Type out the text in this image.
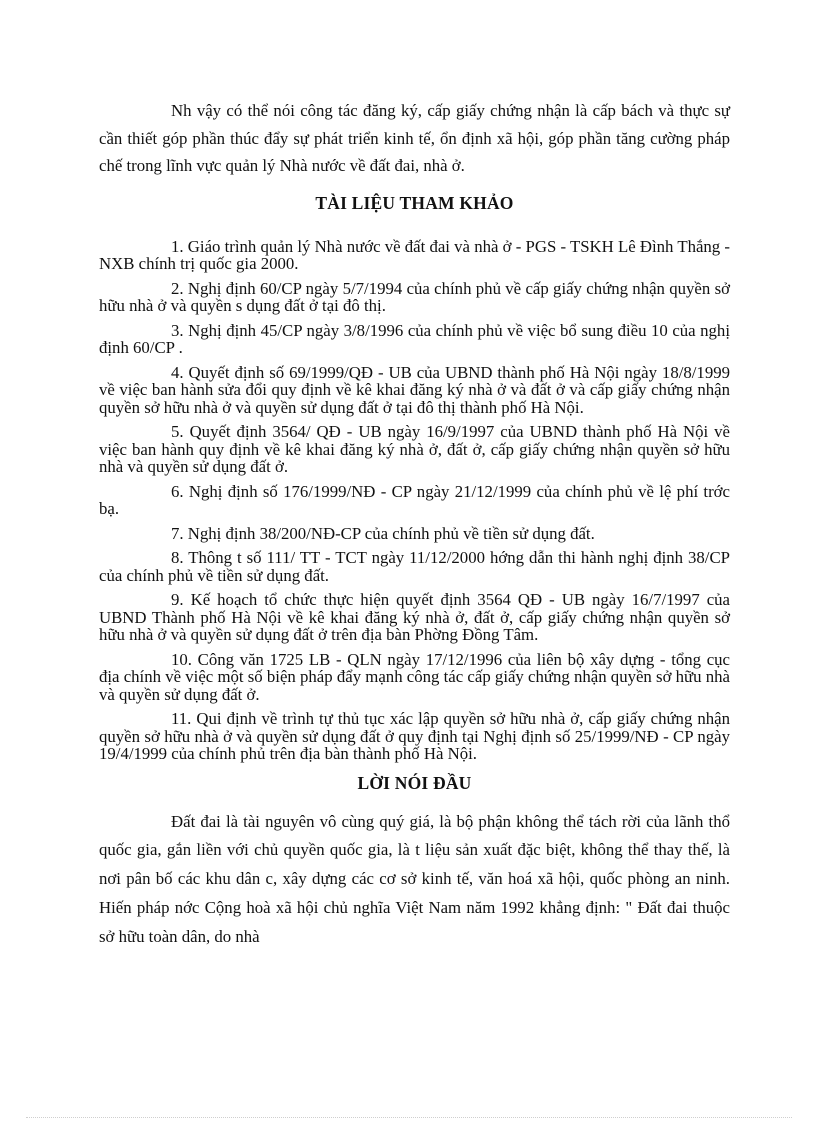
Nh vậy có thể nói công tác đăng ký, cấp giấy chứng nhận là cấp bách và thực sự cần thiết góp phần thúc đẩy sự phát triển kinh tế, ổn định xã hội, góp phần tăng cường pháp chế trong lĩnh vực quản lý Nhà nước về đất đai, nhà ở.

TÀI LIỆU THAM KHẢO

1. Giáo trình quản lý Nhà nước về đất đai và nhà ở - PGS - TSKH Lê Đình Thắng - NXB chính trị quốc gia 2000.

2. Nghị định 60/CP ngày 5/7/1994 của chính phủ về cấp giấy chứng nhận quyền sở hữu nhà ở và quyền s dụng đất ở tại đô thị.

3. Nghị định 45/CP ngày 3/8/1996 của chính phủ về việc bổ sung điều 10 của nghị định 60/CP .

4. Quyết định số 69/1999/QĐ - UB của UBND thành phố Hà Nội ngày 18/8/1999 về việc ban hành sửa đổi quy định về kê khai đăng ký nhà ở và đất ở và cấp giấy chứng nhận quyền sở hữu nhà ở và quyền sử dụng đất ở tại đô thị thành phố Hà Nội.

5. Quyết định 3564/ QĐ - UB ngày 16/9/1997 của UBND thành phố Hà Nội về việc ban hành quy định về kê khai đăng ký nhà ở, đất ở, cấp giấy chứng nhận quyền sở hữu nhà và quyền sử dụng đất ở.

6. Nghị định số 176/1999/NĐ - CP ngày 21/12/1999 của chính phủ về lệ phí trớc bạ.

7. Nghị định 38/200/NĐ-CP của chính phủ về tiền sử dụng đất.

8. Thông t số 111/ TT - TCT ngày 11/12/2000 hớng dẫn thi hành nghị định 38/CP của chính phủ về tiền sử dụng đất.

9. Kế hoạch tổ chức thực hiện quyết định 3564 QĐ - UB ngày 16/7/1997 của UBND Thành phố Hà Nội về kê khai đăng ký nhà ở, đất ở, cấp giấy chứng nhận quyền sở hữu nhà ở và quyền sử dụng đất ở trên địa bàn Phờng Đồng Tâm.

10. Công văn 1725 LB - QLN ngày 17/12/1996 của liên bộ xây dựng - tổng cục địa chính về việc một số biện pháp đẩy mạnh công tác cấp giấy chứng nhận quyền sở hữu nhà và quyền sử dụng đất ở.

11. Qui định về trình tự thủ tục xác lập quyền sở hữu nhà ở, cấp giấy chứng nhận quyền sở hữu nhà ở và quyền sử dụng đất ở quy định tại Nghị định số 25/1999/NĐ - CP ngày 19/4/1999 của chính phủ trên địa bàn thành phố Hà Nội.

LỜI NÓI ĐẦU

Đất đai là tài nguyên vô cùng quý giá, là bộ phận không thể tách rời của lãnh thổ quốc gia, gắn liền với chủ quyền quốc gia, là t liệu sản xuất đặc biệt, không thể thay thế, là nơi pân bố các khu dân c, xây dựng các cơ sở kinh tế, văn hoá xã hội, quốc phòng an ninh. Hiến pháp nớc Cộng hoà xã hội chủ nghĩa Việt Nam năm 1992 khẳng định: " Đất đai thuộc sở hữu toàn dân, do nhà
